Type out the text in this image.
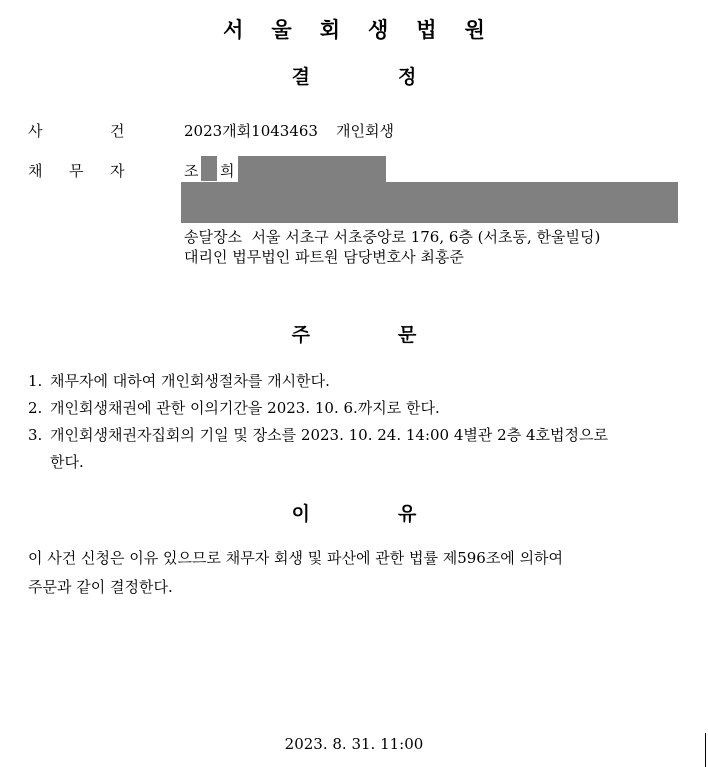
서 울 회 생 법 원
결	정
사	건	2023개회1043463 개인회생
채 무 자	조 희
송달장소  서울 서초구 서초중앙로 176, 6층 (서초동, 한울빌딩)
대리인 법무법인 파트원 담당변호사 최홍준
주	문
1. 채무자에 대하여 개인회생절차를 개시한다.
2. 개인회생채권에 관한 이의기간을 2023. 10. 6.까지로 한다.
3. 개인회생채권자집회의 기일 및 장소를 2023. 10. 24. 14:00 4별관 2층 4호법정으로
한다.
이	유
이 사건 신청은 이유 있으므로 채무자 회생 및 파산에 관한 법률 제596조에 의하여
주문과 같이 결정한다.
2023. 8. 31. 11:00
